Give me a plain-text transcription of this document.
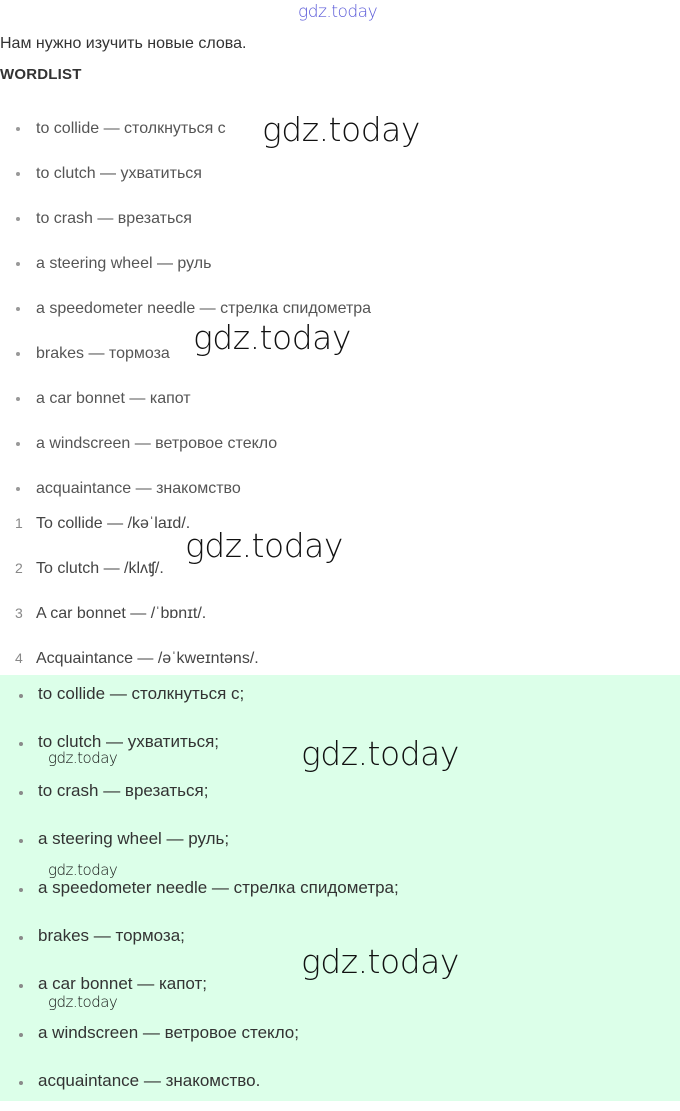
gdz.today
Нам нужно изучить новые слова.
WORDLIST
to collide — столкнуться с
to clutch — ухватиться
to crash — врезаться
a steering wheel — руль
a speedometer needle — стрелка спидометра
brakes — тормоза
a car bonnet — капот
a windscreen — ветровое стекло
acquaintance — знакомство
1 To collide — /kəˈlaɪd/.
2 To clutch — /klʌʧ/.
3 A car bonnet — /ˈbɒnɪt/.
4 Acquaintance — /əˈkweɪntəns/.
to collide — столкнуться с;
to clutch — ухватиться;
to crash — врезаться;
a steering wheel — руль;
a speedometer needle — стрелка спидометра;
brakes — тормоза;
a car bonnet — капот;
a windscreen — ветровое стекло;
acquaintance — знакомство.
gdz.today
gdz.today
gdz.today
gdz.today
gdz.today
gdz.today
gdz.today
gdz.today
